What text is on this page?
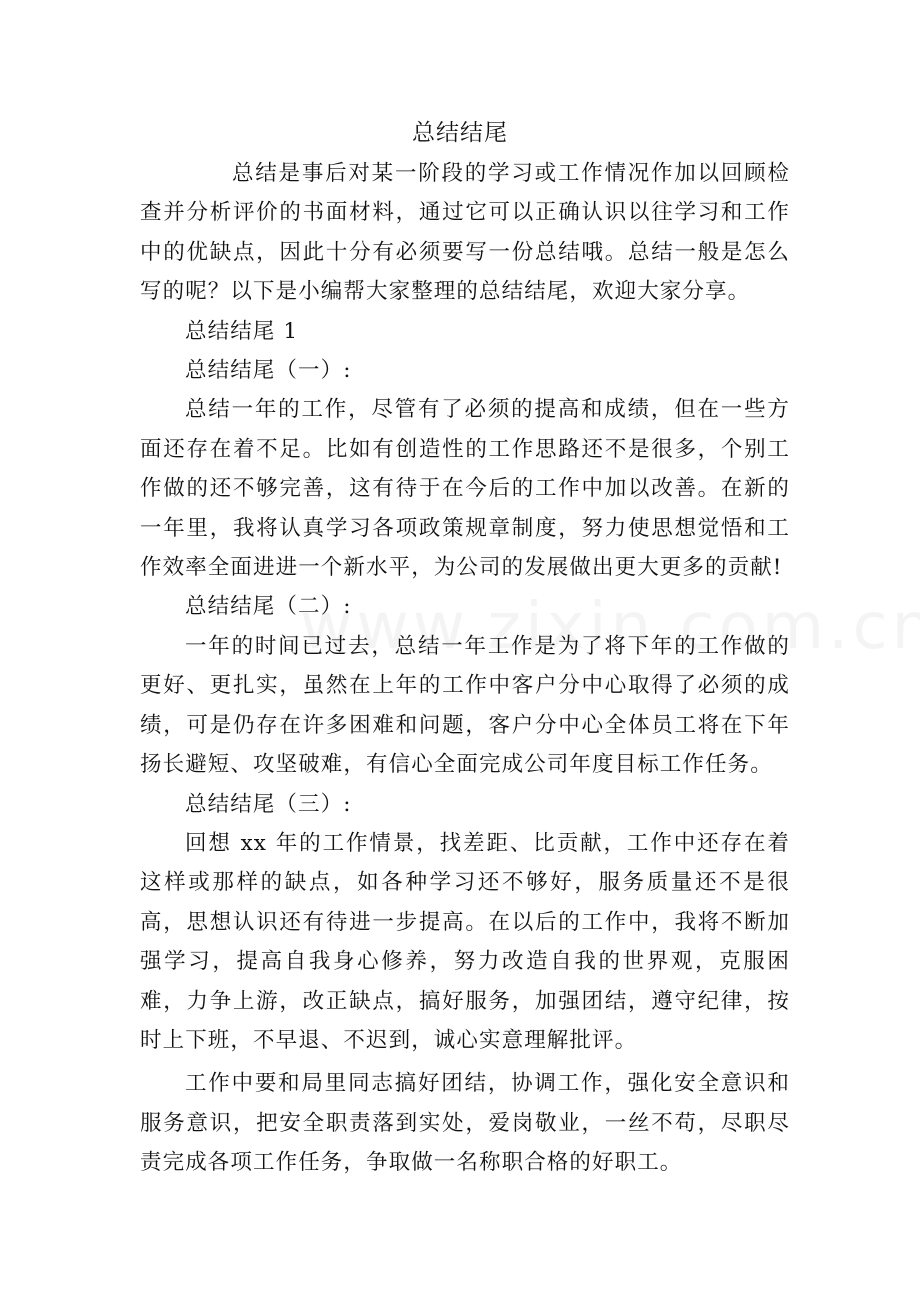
总结结尾

总结是事后对某一阶段的学习或工作情况作加以回顾检查并分析评价的书面材料，通过它可以正确认识以往学习和工作中的优缺点，因此十分有必须要写一份总结哦。总结一般是怎么写的呢？以下是小编帮大家整理的总结结尾，欢迎大家分享。

总结结尾 1

总结结尾（一）:

总结一年的工作，尽管有了必须的提高和成绩，但在一些方面还存在着不足。比如有创造性的工作思路还不是很多，个别工作做的还不够完善，这有待于在今后的工作中加以改善。在新的一年里，我将认真学习各项政策规章制度，努力使思想觉悟和工作效率全面进进一个新水平，为公司的发展做出更大更多的贡献!

总结结尾（二）:

一年的时间已过去，总结一年工作是为了将下年的工作做的更好、更扎实，虽然在上年的工作中客户分中心取得了必须的成绩，可是仍存在许多困难和问题，客户分中心全体员工将在下年扬长避短、攻坚破难，有信心全面完成公司年度目标工作任务。

总结结尾（三）:

回想 xx 年的工作情景，找差距、比贡献，工作中还存在着这样或那样的缺点，如各种学习还不够好，服务质量还不是很高，思想认识还有待进一步提高。在以后的工作中，我将不断加强学习，提高自我身心修养，努力改造自我的世界观，克服困难，力争上游，改正缺点，搞好服务，加强团结，遵守纪律，按时上下班，不早退、不迟到，诚心实意理解批评。

工作中要和局里同志搞好团结，协调工作，强化安全意识和服务意识，把安全职责落到实处，爱岗敬业，一丝不苟，尽职尽责完成各项工作任务，争取做一名称职合格的好职工。
